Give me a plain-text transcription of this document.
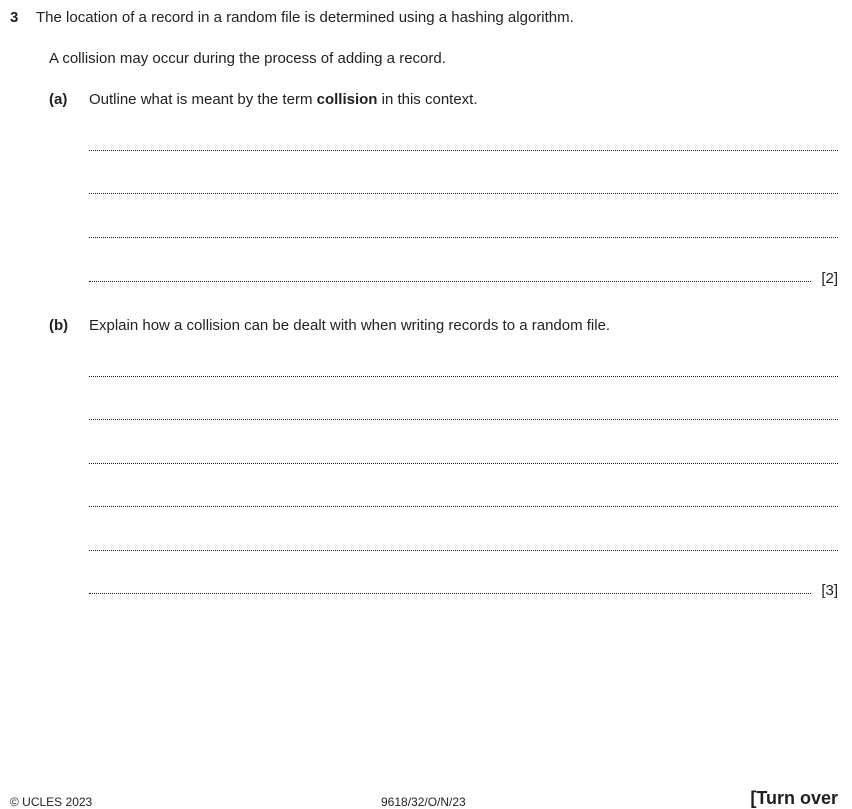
3 The location of a record in a random file is determined using a hashing algorithm.
A collision may occur during the process of adding a record.
(a) Outline what is meant by the term collision in this context.
[2]
(b) Explain how a collision can be dealt with when writing records to a random file.
[3]
© UCLES 2023	9618/32/O/N/23	[Turn over
